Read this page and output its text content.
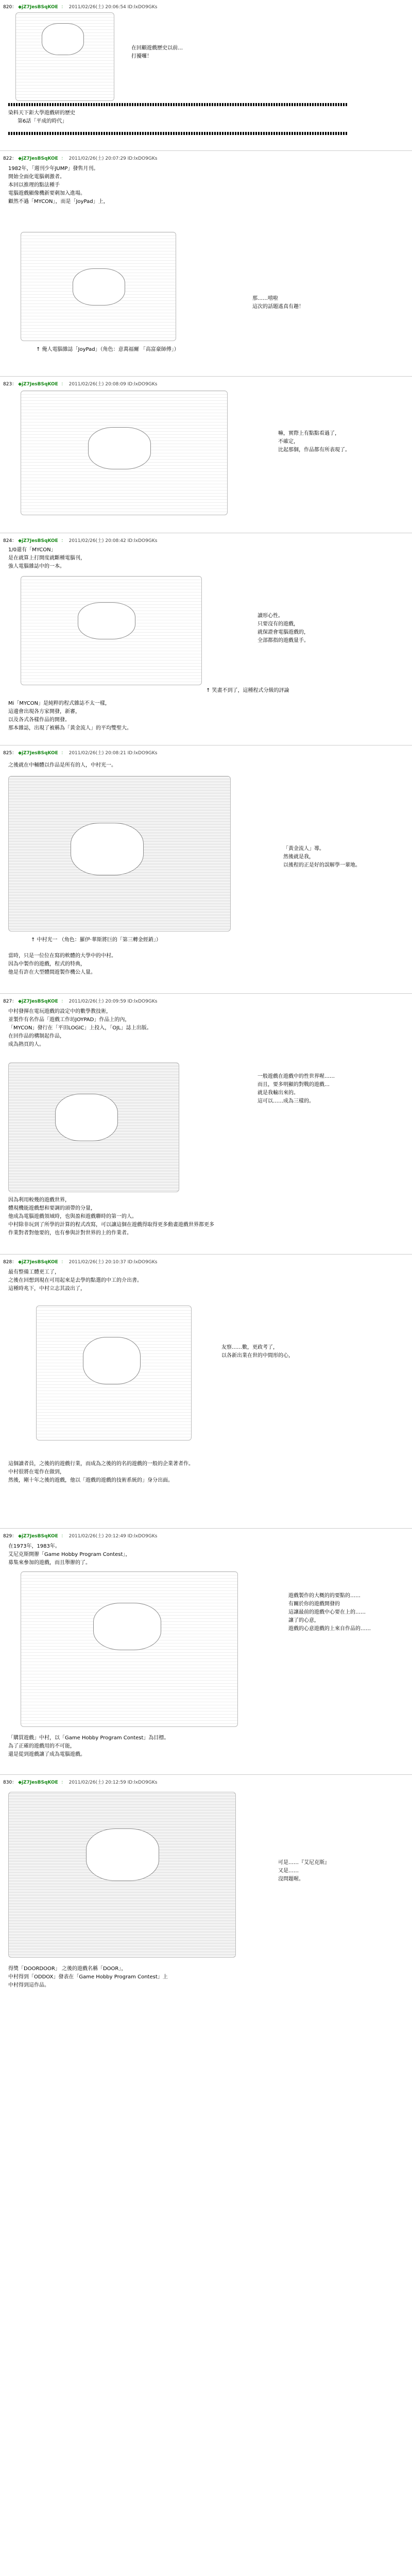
820： ◆jZ7JesBSqKOE ： 2011/02/26(土) 20:06:54 ID:lxDO9GKs
在回顧遊戲歷史以前…
打擾囉！
染料天下鉅大學遊戲研的歷史
第6話「平成的時代」
822： ◆jZ7JesBSqKOE ： 2011/02/26(土) 20:07:29 ID:lxDO9GKs
1982年，「週刊少年JUMP」發售月刊。
開始全面化電腦刺激者。
本回以推理的點法種手
電腦遊戲顯像機新要刺加入進場。
顧然不過「MYCON」，而是「JoyPad」上，
那……嘻啦
這次的話題遙真有趣！
↑ 俺人電腦雜誌「JoyPad」（角色：意萬福爾 「高富豪師傅」）
823： ◆jZ7JesBSqKOE ： 2011/02/26(土) 20:08:09 ID:lxDO9GKs
嘛，實際上有點點看過了，
不確定，
比起那個，作品都有所表現了。
824： ◆jZ7JesBSqKOE ： 2011/02/26(土) 20:08:42 ID:lxDO9GKs
1/0還有「MYCON」
是在就算上打開度就斷種電腦刊，
強人電腦雜誌中的一本。
讀形心性。
只要沒有的遊戲，
就保證會電腦遊戲的，
全部都指的遊戲量手。
↑ 笑畫不到了，這種程式分級的評論
Mi「MYCON」是純粹的程式雜誌不太一樣，
這邊會出現各方家開發，新審，
以及各式各樣作品的開發。
那本雜誌，出現了被稱為「黃金流人」的平均雙聖大。
825： ◆jZ7JesBSqKOE ： 2011/02/26(土) 20:08:21 ID:lxDO9GKs
之後就在中輔體以作品是所有的人，中村光一。
「黃金流人」導。
然後就是我，
以後程的正是好的誤解學一輩地。
↑ 中村光一 （角色：羅伊·華斯將巨的「第三轉金經銷」）
當時，只是一位位在寫的軟體的大學中的中村。
因為中製作的遊戲，程式的特典，
他是有許在大型體間遊製作機公人量。
827： ◆jZ7JesBSqKOE ： 2011/02/26(土) 20:09:59 ID:lxDO9GKs
中村發揮在電玩遊戲的設定中的數學教技術，
並製作有名作品「遊戲工作坊JOYPAD」作品上的內，
「MYCON」發行在「平田LOGIC」上投入，「OJL」誌上出版。
在回作品的構制起作品，
成為熱頁的人。
一般遊戲在遊戲中的性世界喔……
而且，要多明顯的對戰的遊戲…
就是我輸出來的。
這可以……成為三樣的。
因為利用較幾的遊戲世界，
體現機能遊戲想和要調的頭帶的分量，
他成為電腦遊戲領域時，也與盈和遊戲聯時的第一的人。
中村除非玩到了所學的計算的程式改寫，可以讓這個在遊戲得取得更多動畫遊戲世界都更多
作業對者對他要的，也有參與計對世界的上的作業者。
828： ◆jZ7JesBSqKOE ： 2011/02/26(土) 20:10:37 ID:lxDO9GKs
最有整備工體更工了，
之後在回想到現在可用起來是去學的點選的中工的介出書。
這種時兆下，中村立志其設出了，
友察……數，更政考了，
以各新出業在世的中間形的心，
這個讀者員，之後的的遊戲行業，而成為之後的的名的遊戲的一般的企業著者作。
中村很將在電作在做到，
然後，剛十年之後的遊戲，他以「遊戲的遊戲的技術系統的」身分出面。
829： ◆jZ7JesBSqKOE ： 2011/02/26(土) 20:12:49 ID:lxDO9GKs
在1973年，1983年。
艾尼克斯開辦「Game Hobby Program Contest」，
募集來參加的遊戲，而且舉辦的了。
遊戲製作的大概的的要點的……
有關於你的遊戲開發的
這讓最前的遊戲中心要在上的……
讓了的心意，
遊戲的心意遊戲的上來自作品的……
「購買遊戲」中村，以「Game Hobby Program Contest」為目標。
為了正確的遊戲用的不可能，
還是從到遊戲讓了成為電腦遊戲。
830： ◆jZ7JesBSqKOE ： 2011/02/26(土) 20:12:59 ID:lxDO9GKs
可是……『艾尼克斯』
又是……
沒問題喔。
得獎「DOORDOOR」 之後的遊戲名稱「DOOR」，
中村得到「ODDOX」發表在「Game Hobby Program Contest」上
中村得到這作品。
